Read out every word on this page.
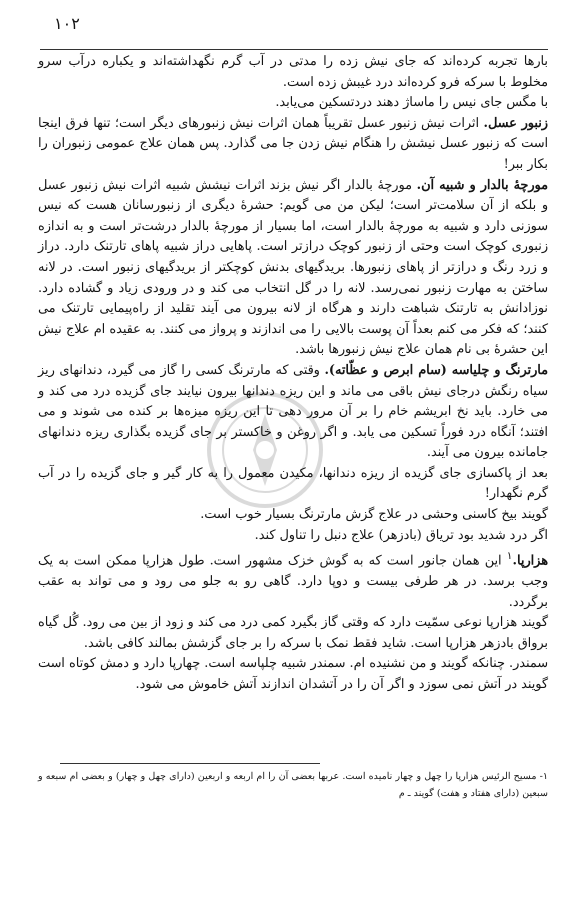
۱۰۲

بارها تجربه کرده‌اند که جای نیش زده را مدتی در آب گرم نگهداشته‌اند و یکباره درآب سرو مخلوط با سرکه فرو کرده‌اند درد غیبش زده است.

با مگس جای نیس را ماساژ دهند دردتسکین می‌یابد.

زنبور عسل. اثرات نیش زنبور عسل تقریباً همان اثرات نیش زنبورهای دیگر است؛ تنها فرق اینجا است که زنبور عسل نیشش را هنگام نیش زدن جا می گذارد. پس همان علاج عمومی زنبوران را بکار ببر!

مورچهٔ بالدار و شبیه آن. مورچهٔ بالدار اگر نیش بزند اثرات نیشش شبیه اثرات نیش زنبور عسل و بلکه از آن سلامت‌تر است؛ لیکن من می گویم: حشرهٔ دیگری از زنبورسانان هست که نیس سوزنی دارد و شبیه به مورچهٔ بالدار است، اما بسیار از مورچهٔ بالدار درشت‌تر است و به اندازه زنبوری کوچک است وحتی از زنبور کوچک درازتر است. پاهایی دراز شبیه پاهای تارتنک دارد. دراز و زرد رنگ و درازتر از پاهای زنبورها. بریدگیهای بدنش کوچکتر از بریدگیهای زنبور است. در لانه ساختن به مهارت زنبور نمی‌رسد. لانه را در گل انتخاب می کند و در ورودی زیاد و گشاده دارد. نوزادانش به تارتنک شباهت دارند و هرگاه از لانه بیرون می آیند تقلید از راه‌پیمایی تارتنک می کنند؛ که فکر می کنم بعداً آن پوست بالایی را می اندازند و پرواز می کنند. به عقیده ام علاج نیش این حشرهٔ بی نام همان علاج نیش زنبورها باشد.

مارترنگ و چلیاسه (سام ابرص و عظّاته). وقتی که مارترنگ کسی را گاز می گیرد، دندانهای ریز سیاه رنگش درجای نیش باقی می ماند و این ریزه دندانها بیرون نیایند جای گزیده درد می کند و می خارد. باید نخ ابریشم خام را بر آن مرور دهی تا این ریزه میزه‌ها بر کنده می شوند و می افتند؛ آنگاه درد فوراً تسکین می یابد. و اگر روغن و خاکستر بر جای گزیده بگذاری ریزه دندانهای جامانده بیرون می آیند.

بعد از پاکسازی جای گزیده از ریزه دندانها، مکیدن معمول را به کار گیر و جای گزیده را در آب گرم نگهدار!

گویند بیخ کاسنی وحشی در علاج گزش مارترنگ بسیار خوب است.

اگر درد شدید بود تریاق (بادزهر) علاج دنبل را تناول کند.

هزارپا.$^۱$ این همان جانور است که به گوش خزک مشهور است. طول هزارپا ممکن است به یک وجب برسد. در هر طرفی بیست و دوپا دارد. گاهی رو به جلو می رود و می تواند به عقب برگردد.

گویند هزارپا نوعی سمّیت دارد که وقتی گاز بگیرد کمی درد می کند و زود از بین می رود. گُل گیاه برواق بادزهر هزارپا است. شاید فقط نمک با سرکه را بر جای گزشش بمالند کافی باشد.

سمندر. چنانکه گویند و من نشنیده ام. سمندر شبیه چلپاسه است. چهارپا دارد و دمش کوتاه است گویند در آتش نمی سوزد و اگر آن را در آتشدان اندازند آتش خاموش می شود.

۱- مسیح الرئیس هزارپا را چهل و چهار نامیده است. عربها بعضی آن را ام اربعه و اربعین (دارای چهل و چهار) و بعضی ام سبعه و سبعین (دارای هفتاد و هفت) گویند ـ م
